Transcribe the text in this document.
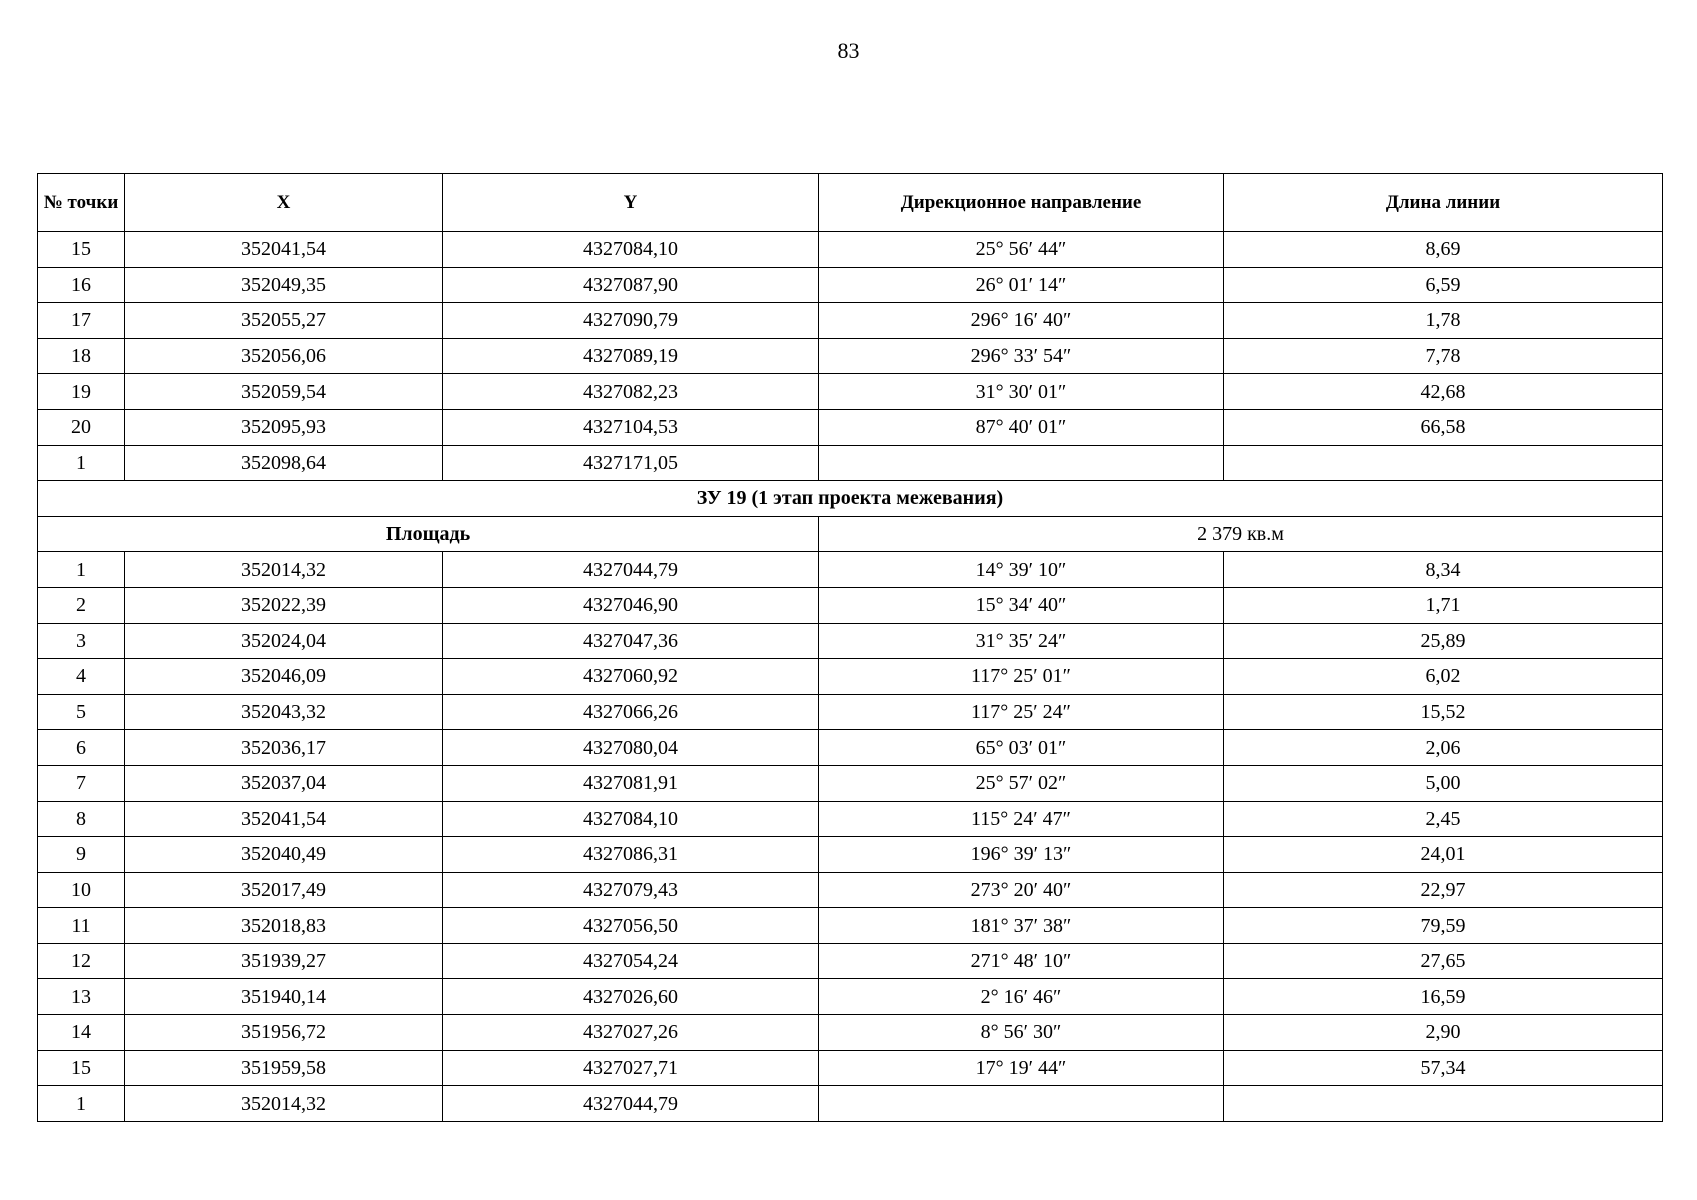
83
№ точки	X	Y	Дирекционное направление	Длина линии
15	352041,54	4327084,10	25° 56′ 44″	8,69
16	352049,35	4327087,90	26° 01′ 14″	6,59
17	352055,27	4327090,79	296° 16′ 40″	1,78
18	352056,06	4327089,19	296° 33′ 54″	7,78
19	352059,54	4327082,23	31° 30′ 01″	42,68
20	352095,93	4327104,53	87° 40′ 01″	66,58
1	352098,64	4327171,05		
ЗУ 19 (1 этап проекта межевания)				
Площадь			2 379 кв.м	
1	352014,32	4327044,79	14° 39′ 10″	8,34
2	352022,39	4327046,90	15° 34′ 40″	1,71
3	352024,04	4327047,36	31° 35′ 24″	25,89
4	352046,09	4327060,92	117° 25′ 01″	6,02
5	352043,32	4327066,26	117° 25′ 24″	15,52
6	352036,17	4327080,04	65° 03′ 01″	2,06
7	352037,04	4327081,91	25° 57′ 02″	5,00
8	352041,54	4327084,10	115° 24′ 47″	2,45
9	352040,49	4327086,31	196° 39′ 13″	24,01
10	352017,49	4327079,43	273° 20′ 40″	22,97
11	352018,83	4327056,50	181° 37′ 38″	79,59
12	351939,27	4327054,24	271° 48′ 10″	27,65
13	351940,14	4327026,60	2° 16′ 46″	16,59
14	351956,72	4327027,26	8° 56′ 30″	2,90
15	351959,58	4327027,71	17° 19′ 44″	57,34
1	352014,32	4327044,79		
